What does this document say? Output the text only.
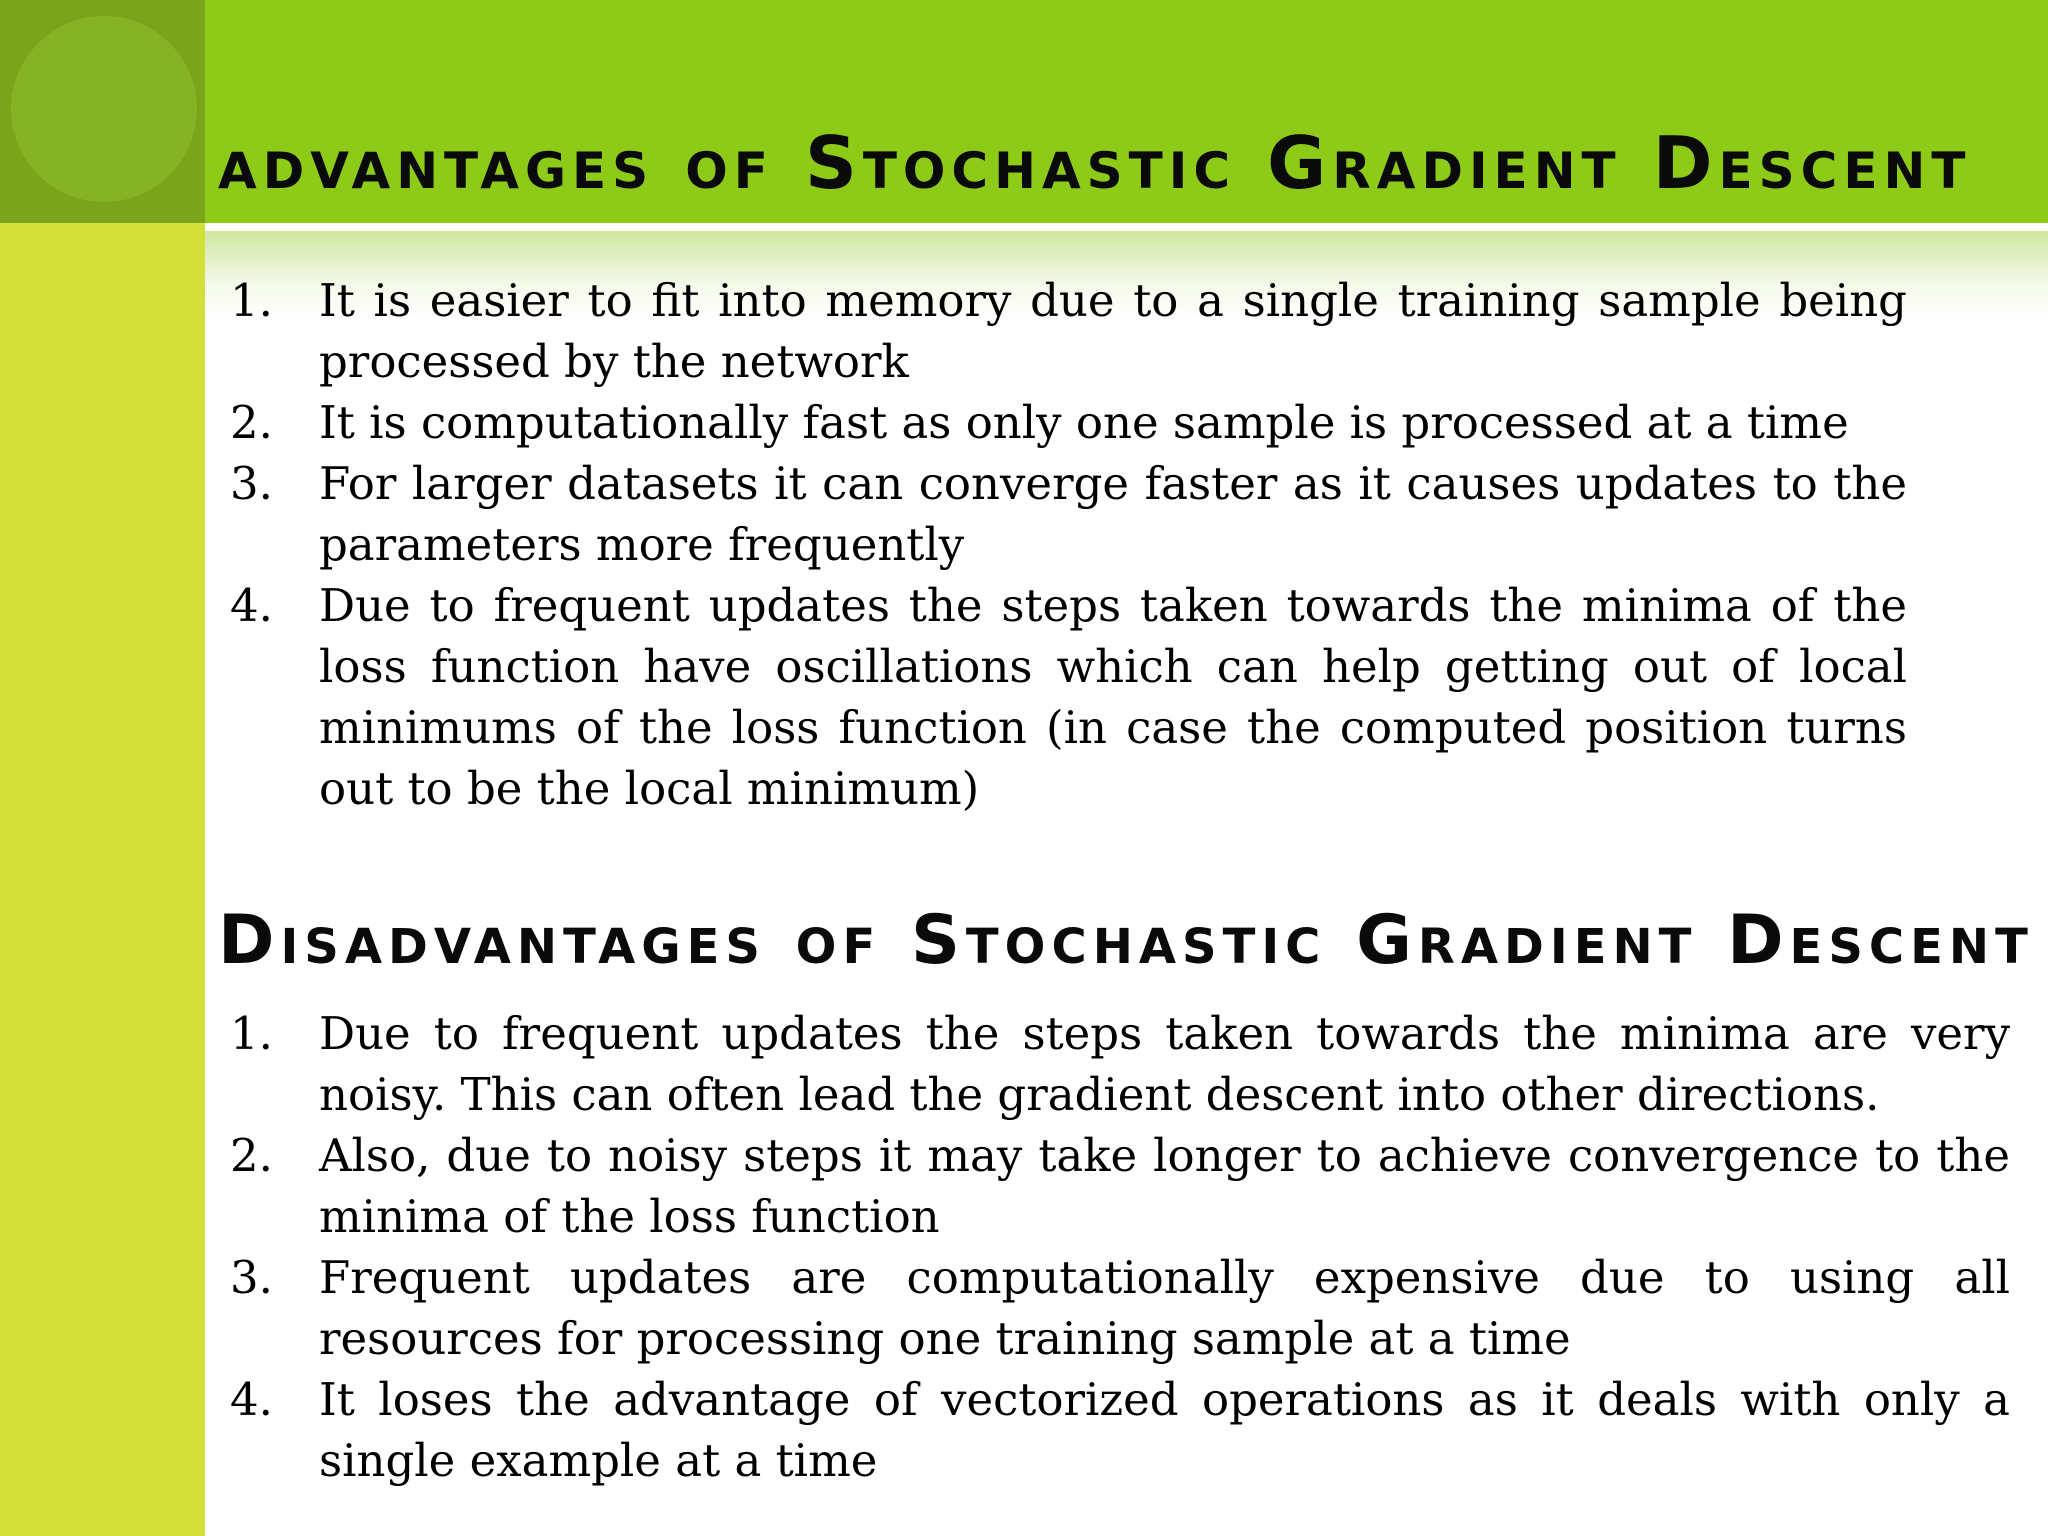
advantages of Stochastic Gradient Descent
1.	It is easier to fit into memory due to a single training sample being processed by the network
2.	It is computationally fast as only one sample is processed at a time
3.	For larger datasets it can converge faster as it causes updates to the parameters more frequently
4.	Due to frequent updates the steps taken towards the minima of the loss function have oscillations which can help getting out of local minimums of the loss function (in case the computed position turns out to be the local minimum)
Disadvantages of Stochastic Gradient Descent
1.	Due to frequent updates the steps taken towards the minima are very noisy. This can often lead the gradient descent into other directions.
2.	Also, due to noisy steps it may take longer to achieve convergence to the minima of the loss function
3.	Frequent updates are computationally expensive due to using all resources for processing one training sample at a time
4.	It loses the advantage of vectorized operations as it deals with only a single example at a time
